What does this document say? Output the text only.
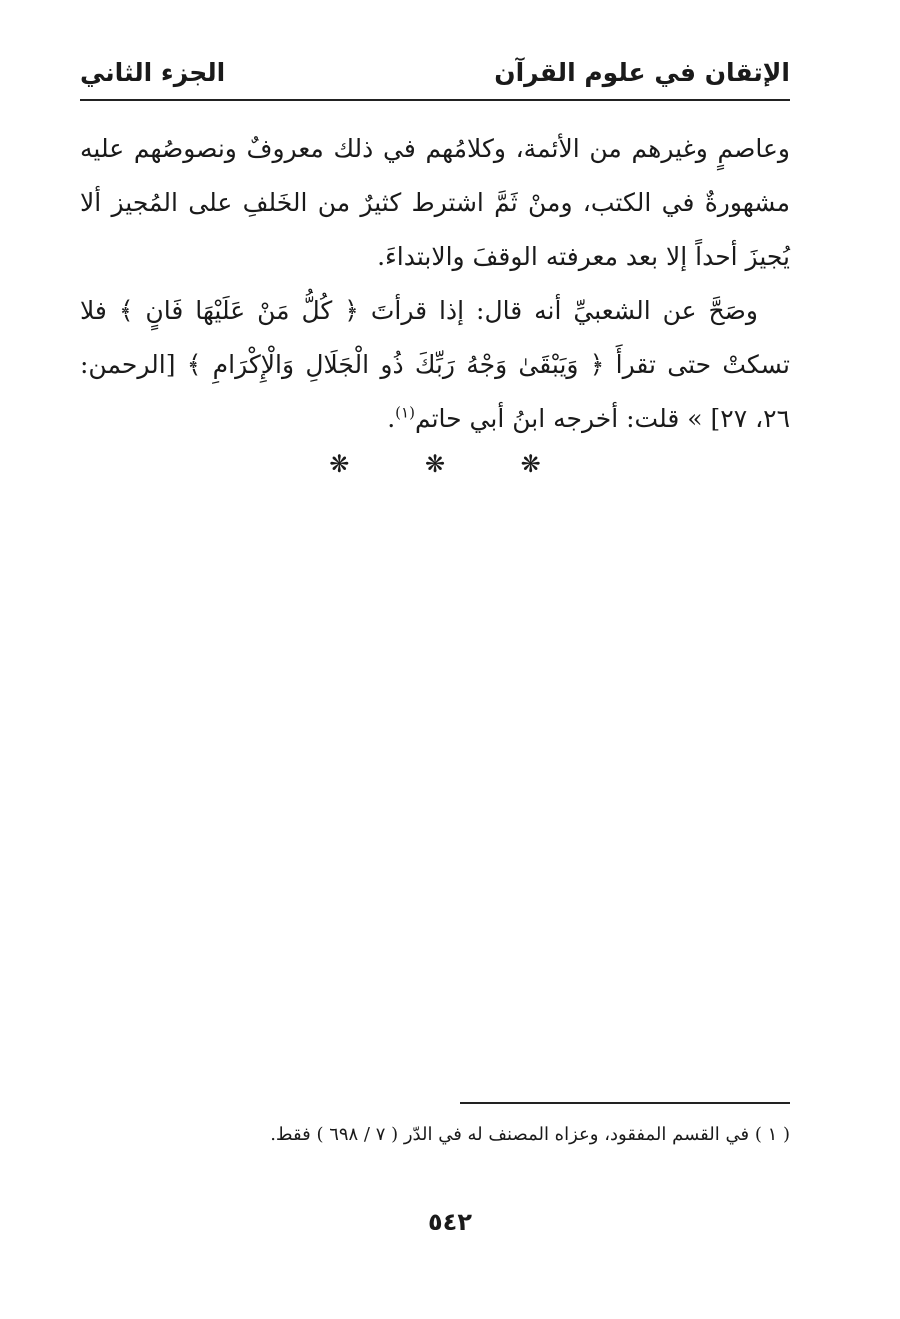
الإتقان في علوم القرآن
الجزء الثاني

وعاصمٍ وغيرهم من الأئمة، وكلامُهم في ذلك معروفٌ ونصوصُهم عليه مشهورةٌ في الكتب، ومنْ ثَمَّ اشترط كثيرٌ من الخَلفِ على المُجيز ألا يُجيزَ أحداً إلا بعد معرفته الوقفَ والابتداءَ.

وصَحَّ عن الشعبيِّ أنه قال: إذا قرأتَ ﴿ كُلُّ مَنْ عَلَيْهَا فَانٍ ﴾ فلا تسكتْ حتى تقرأَ ﴿ وَيَبْقَىٰ وَجْهُ رَبِّكَ ذُو الْجَلَالِ وَالْإِكْرَامِ ﴾ [الرحمن: ٢٦، ٢٧] » قلت: أخرجه ابنُ أبي حاتم$^{(١)}$.

❋ ❋ ❋
( ١ ) في القسم المفقود، وعزاه المصنف له في الدّر ( ٧ / ٦٩٨ ) فقط.
٥٤٢
